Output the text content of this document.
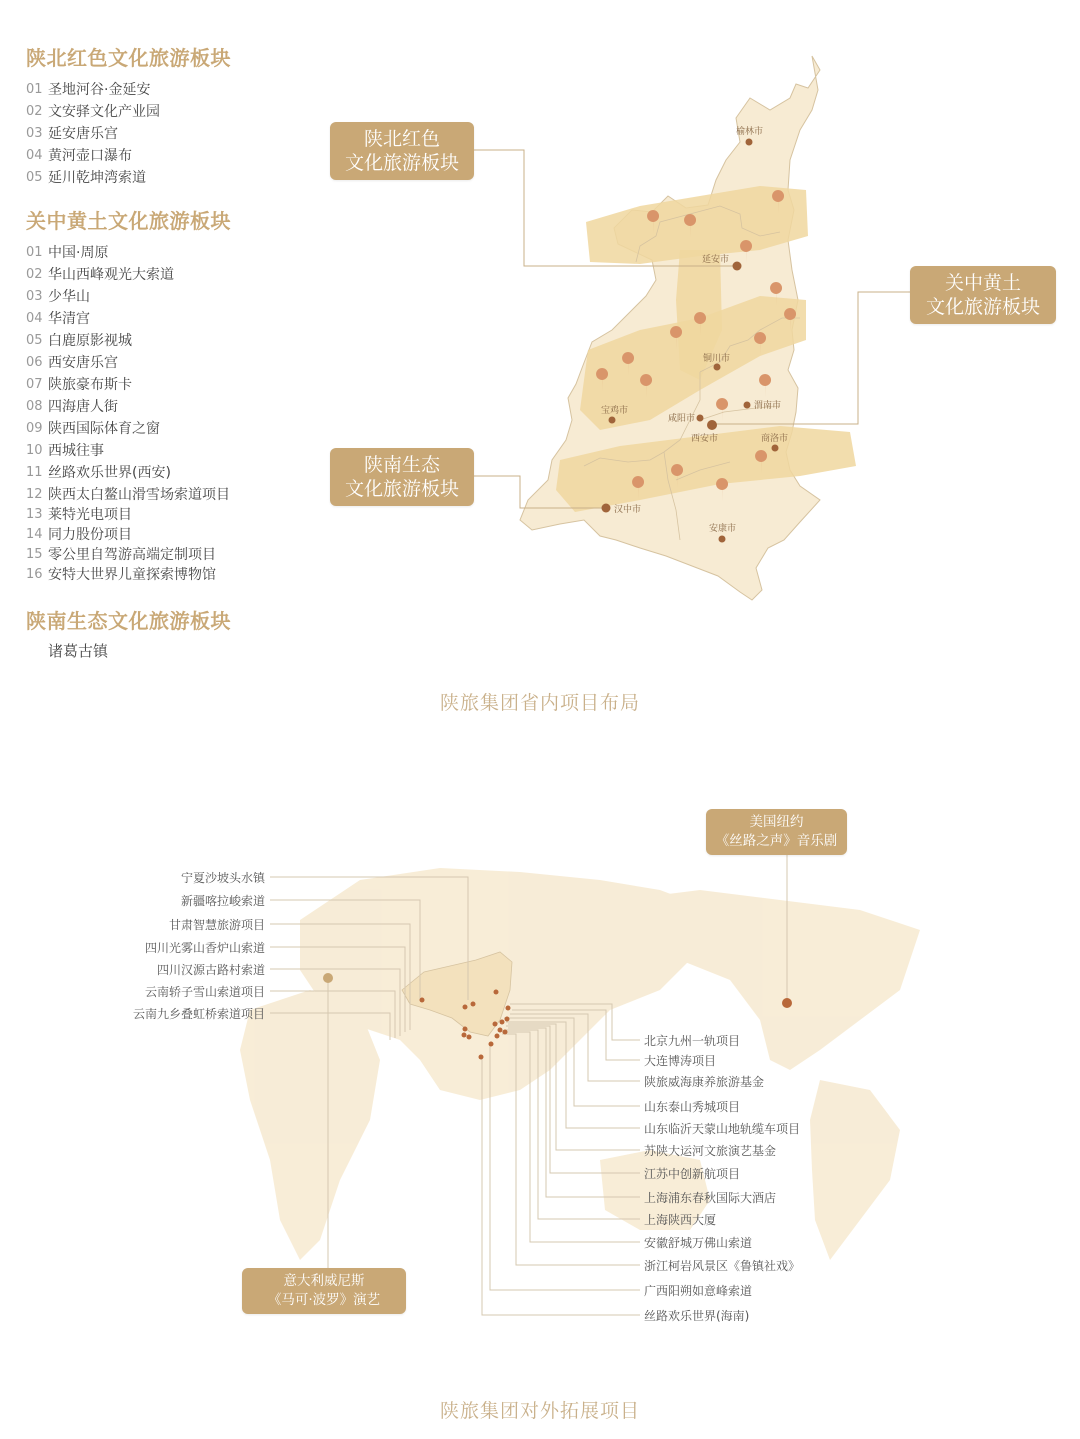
陕北红色文化旅游板块
01 圣地河谷·金延安
02 文安驿文化产业园
03 延安唐乐宫
04 黄河壶口瀑布
05 延川乾坤湾索道
关中黄土文化旅游板块
01 中国·周原
02 华山西峰观光大索道
03 少华山
04 华清宫
05 白鹿原影视城
06 西安唐乐宫
07 陕旅豪布斯卡
08 四海唐人街
09 陕西国际体育之窗
10 西城往事
11 丝路欢乐世界(西安)
12 陕西太白鳌山滑雪场索道项目
13 莱特光电项目
14 同力股份项目
15 零公里自驾游高端定制项目
16 安特大世界儿童探索博物馆
陕南生态文化旅游板块
诸葛古镇
榆林市
延安市
铜川市
渭南市
宝鸡市
咸阳市
西安市	商洛市
汉中市
安康市
陕北红色
文化旅游板块
关中黄土
文化旅游板块
陕南生态
文化旅游板块
陕旅集团省内项目布局
宁夏沙坡头水镇
新疆喀拉峻索道
甘肃智慧旅游项目
四川光雾山香炉山索道
四川汉源古路村索道
云南轿子雪山索道项目
云南九乡叠虹桥索道项目
北京九州一轨项目
大连博涛项目
陕旅威海康养旅游基金
山东泰山秀城项目
山东临沂天蒙山地轨缆车项目
苏陕大运河文旅演艺基金
江苏中创新航项目
上海浦东春秋国际大酒店
上海陕西大厦
安徽舒城万佛山索道
浙江柯岩风景区《鲁镇社戏》
广西阳朔如意峰索道
丝路欢乐世界(海南)
美国纽约
《丝路之声》音乐剧
意大利威尼斯
《马可·波罗》演艺
陕旅集团对外拓展项目
